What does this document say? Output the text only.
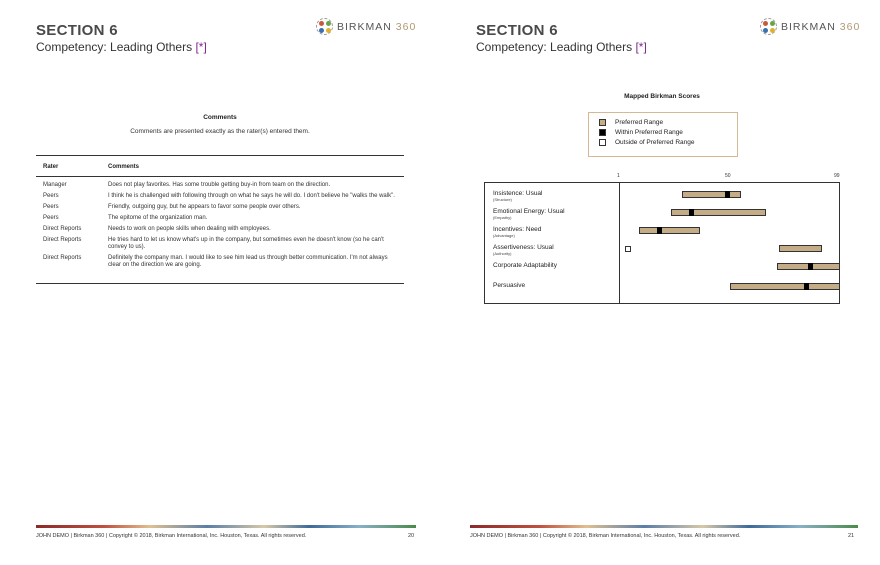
SECTION 6
Competency: Leading Others [*]
BIRKMAN 360
Comments
Comments are presented exactly as the rater(s) entered them.
Rater	Comments
Manager	Does not play favorites. Has some trouble getting buy-in from team on the direction.
Peers	I think he is challenged with following through on what he says he will do. I don't believe he "walks the walk".
Peers	Friendly, outgoing guy, but he appears to favor some people over others.
Peers	The epitome of the organization man.
Direct Reports	Needs to work on people skills when dealing with employees.
Direct Reports	He tries hard to let us know what's up in the company, but sometimes even he doesn't know (so he can't convey to us).
Direct Reports	Definitely the company man. I would like to see him lead us through better communication. I'm not always clear on the direction we are going.
SECTION 6
Competency: Leading Others [*]
BIRKMAN 360
Mapped Birkman Scores
Preferred Range
Within Preferred Range
Outside of Preferred Range
1	50	99
Insistence: Usual
(Structure)
Emotional Energy: Usual
(Empathy)
Incentives: Need
(Advantage)
Assertiveness: Usual
(Authority)
Corporate Adaptability
Persuasive
JOHN DEMO | Birkman 360 | Copyright © 2018, Birkman International, Inc. Houston, Texas. All rights reserved.	20	JOHN DEMO | Birkman 360 | Copyright © 2018, Birkman International, Inc. Houston, Texas. All rights reserved.	21
